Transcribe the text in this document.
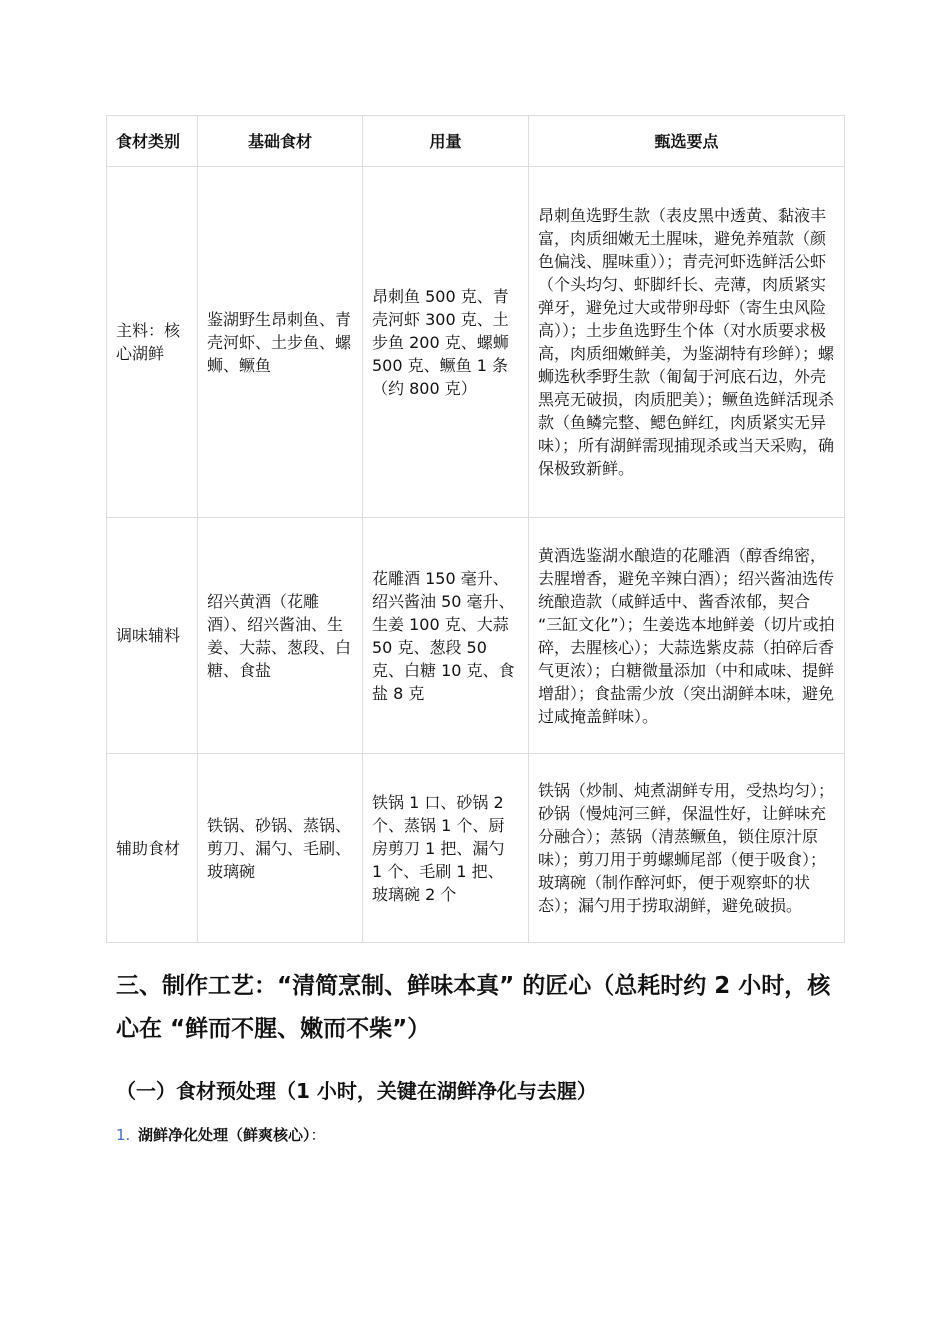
食材类别	基础食材	用量	甄选要点
主料：核心湖鲜	鉴湖野生昂刺鱼、青壳河虾、土步鱼、螺蛳、鳜鱼	昂刺鱼 500 克、青壳河虾 300 克、土步鱼 200 克、螺蛳 500 克、鳜鱼 1 条（约 800 克）	昂刺鱼选野生款（表皮黑中透黄、黏液丰富，肉质细嫩无土腥味，避免养殖款（颜色偏浅、腥味重））；青壳河虾选鲜活公虾（个头均匀、虾脚纤长、壳薄，肉质紧实弹牙，避免过大或带卵母虾（寄生虫风险高））；土步鱼选野生个体（对水质要求极高，肉质细嫩鲜美，为鉴湖特有珍鲜）；螺蛳选秋季野生款（匍匐于河底石边，外壳黑亮无破损，肉质肥美）；鳜鱼选鲜活现杀款（鱼鳞完整、鳃色鲜红，肉质紧实无异味）；所有湖鲜需现捕现杀或当天采购，确保极致新鲜。
调味辅料	绍兴黄酒（花雕酒）、绍兴酱油、生姜、大蒜、葱段、白糖、食盐	花雕酒 150 毫升、绍兴酱油 50 毫升、生姜 100 克、大蒜 50 克、葱段 50 克、白糖 10 克、食盐 8 克	黄酒选鉴湖水酿造的花雕酒（醇香绵密，去腥增香，避免辛辣白酒）；绍兴酱油选传统酿造款（咸鲜适中、酱香浓郁，契合 “三缸文化”）；生姜选本地鲜姜（切片或拍碎，去腥核心）；大蒜选紫皮蒜（拍碎后香气更浓）；白糖微量添加（中和咸味、提鲜增甜）；食盐需少放（突出湖鲜本味，避免过咸掩盖鲜味）。
辅助食材	铁锅、砂锅、蒸锅、剪刀、漏勺、毛刷、玻璃碗	铁锅 1 口、砂锅 2 个、蒸锅 1 个、厨房剪刀 1 把、漏勺 1 个、毛刷 1 把、玻璃碗 2 个	铁锅（炒制、炖煮湖鲜专用，受热均匀）；砂锅（慢炖河三鲜，保温性好，让鲜味充分融合）；蒸锅（清蒸鳜鱼，锁住原汁原味）；剪刀用于剪螺蛳尾部（便于吸食）；玻璃碗（制作醉河虾，便于观察虾的状态）；漏勺用于捞取湖鲜，避免破损。
三、制作工艺：“清简烹制、鲜味本真” 的匠心（总耗时约 2 小时，核心在 “鲜而不腥、嫩而不柴”）
（一）食材预处理（1 小时，关键在湖鲜净化与去腥）
1. 湖鲜净化处理（鲜爽核心）：
